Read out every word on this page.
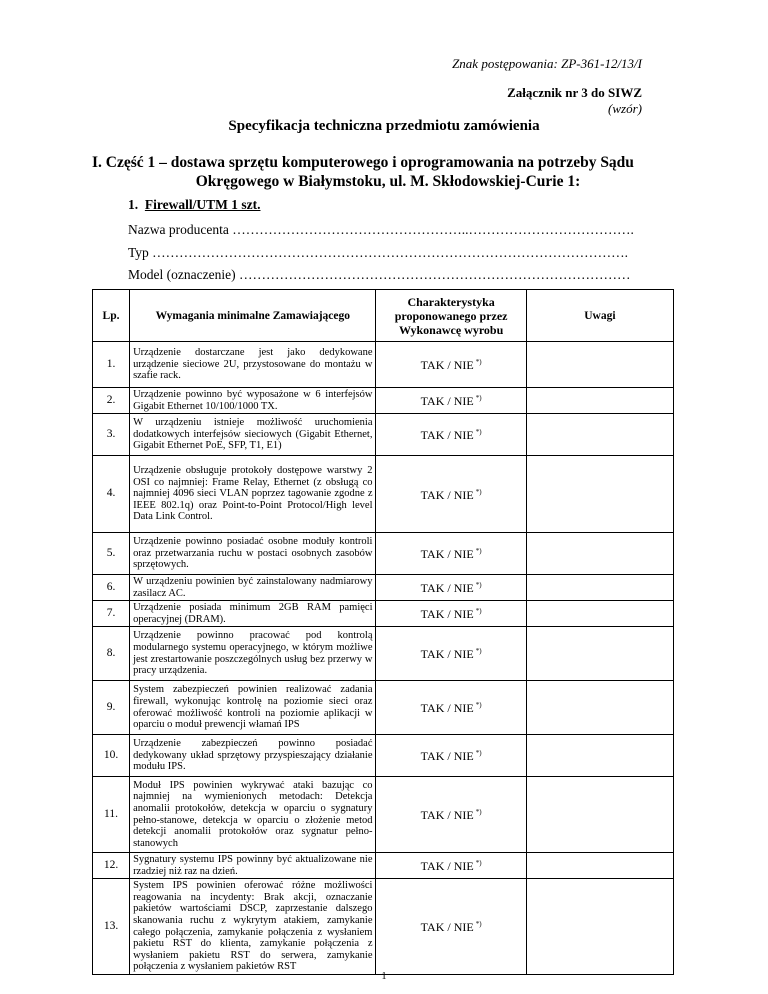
Znak postępowania: ZP-361-12/13/I
Załącznik nr 3 do SIWZ
(wzór)
Specyfikacja techniczna przedmiotu zamówienia
I. Część 1 – dostawa sprzętu komputerowego i oprogramowania na potrzeby Sądu
Okręgowego w Białymstoku, ul. M. Skłodowskiej-Curie 1:
1. Firewall/UTM 1 szt.
Nazwa producenta ……………………………………………..……………………………….
Typ …………………………………………………………………………………………….
Model (oznaczenie) ……………………………………………………………………………
Lp.	Wymagania minimalne Zamawiającego	Charakterystyka proponowanego przez Wykonawcę wyrobu	Uwagi
1.	Urządzenie dostarczane jest jako dedykowane urządzenie sieciowe 2U, przystosowane do montażu w szafie rack.	TAK / NIE *)	
2.	Urządzenie powinno być wyposażone w 6 interfejsów Gigabit Ethernet 10/100/1000 TX.	TAK / NIE *)	
3.	W urządzeniu istnieje możliwość uruchomienia dodatkowych interfejsów sieciowych (Gigabit Ethernet, Gigabit Ethernet PoE, SFP, T1, E1)	TAK / NIE *)	
4.	Urządzenie obsługuje protokoły dostępowe warstwy 2 OSI co najmniej: Frame Relay, Ethernet (z obsługą co najmniej 4096 sieci VLAN poprzez tagowanie zgodne z IEEE 802.1q) oraz Point-to-Point Protocol/High level Data Link Control.	TAK / NIE *)	
5.	Urządzenie powinno posiadać osobne moduły kontroli oraz przetwarzania ruchu w postaci osobnych zasobów sprzętowych.	TAK / NIE *)	
6.	W urządzeniu powinien być zainstalowany nadmiarowy zasilacz AC.	TAK / NIE *)	
7.	Urządzenie posiada minimum 2GB RAM pamięci operacyjnej (DRAM).	TAK / NIE *)	
8.	Urządzenie powinno pracować pod kontrolą modularnego systemu operacyjnego, w którym możliwe jest zrestartowanie poszczególnych usług bez przerwy w pracy urządzenia.	TAK / NIE *)	
9.	System zabezpieczeń powinien realizować zadania firewall, wykonując kontrolę na poziomie sieci oraz oferować możliwość kontroli na poziomie aplikacji w oparciu o moduł prewencji włamań IPS	TAK / NIE *)	
10.	Urządzenie zabezpieczeń powinno posiadać dedykowany układ sprzętowy przyspieszający działanie modułu IPS.	TAK / NIE *)	
11.	Moduł IPS powinien wykrywać ataki bazując co najmniej na wymienionych metodach: Detekcja anomalii protokołów, detekcja w oparciu o sygnatury pełno-stanowe, detekcja w oparciu o złożenie metod detekcji anomalii protokołów oraz sygnatur pełno-stanowych	TAK / NIE *)	
12.	Sygnatury systemu IPS powinny być aktualizowane nie rzadziej niż raz na dzień.	TAK / NIE *)	
13.	System IPS powinien oferować różne możliwości reagowania na incydenty: Brak akcji, oznaczanie pakietów wartościami DSCP, zaprzestanie dalszego skanowania ruchu z wykrytym atakiem, zamykanie całego połączenia, zamykanie połączenia z wysłaniem pakietu RST do klienta, zamykanie połączenia z wysłaniem pakietu RST do serwera, zamykanie połączenia z wysłaniem pakietów RST	TAK / NIE *)	
1
